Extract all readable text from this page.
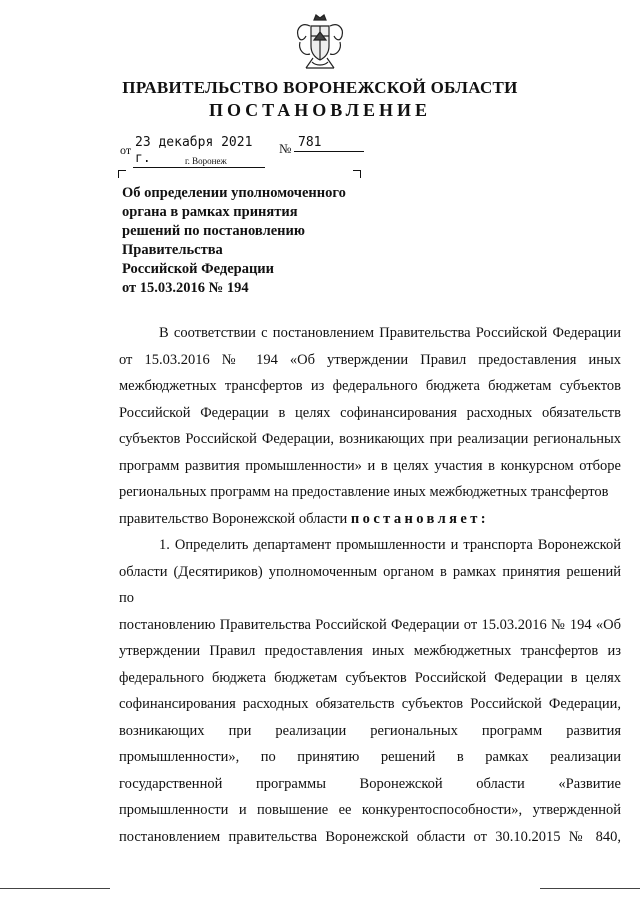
ПРАВИТЕЛЬСТВО ВОРОНЕЖСКОЙ ОБЛАСТИ
ПОСТАНОВЛЕНИЕ
от 23 декабря 2021 г.
№ 781
г. Воронеж
Об определении уполномоченного
органа в рамках принятия
решений по постановлению
Правительства
Российской Федерации
от 15.03.2016 № 194

В соответствии с постановлением Правительства Российской Федерации
от 15.03.2016 № 194 «Об утверждении Правил предоставления иных
межбюджетных трансфертов из федерального бюджета бюджетам субъектов
Российской Федерации в целях софинансирования расходных обязательств
субъектов Российской Федерации, возникающих при реализации региональных
программ развития промышленности» и в целях участия в конкурсном отборе
региональных программ на предоставление иных межбюджетных трансфертов
правительство Воронежской области постановляет:

1. Определить департамент промышленности и транспорта Воронежской
области (Десятириков) уполномоченным органом в рамках принятия решений по
постановлению Правительства Российской Федерации от 15.03.2016 № 194 «Об
утверждении Правил предоставления иных межбюджетных трансфертов из
федерального бюджета бюджетам субъектов Российской Федерации в целях
софинансирования расходных обязательств субъектов Российской Федерации,
возникающих при реализации региональных программ развития
промышленности», по принятию решений в рамках реализации
государственной программы Воронежской области «Развитие
промышленности и повышение ее конкурентоспособности», утвержденной
постановлением правительства Воронежской области от 30.10.2015 № 840,
